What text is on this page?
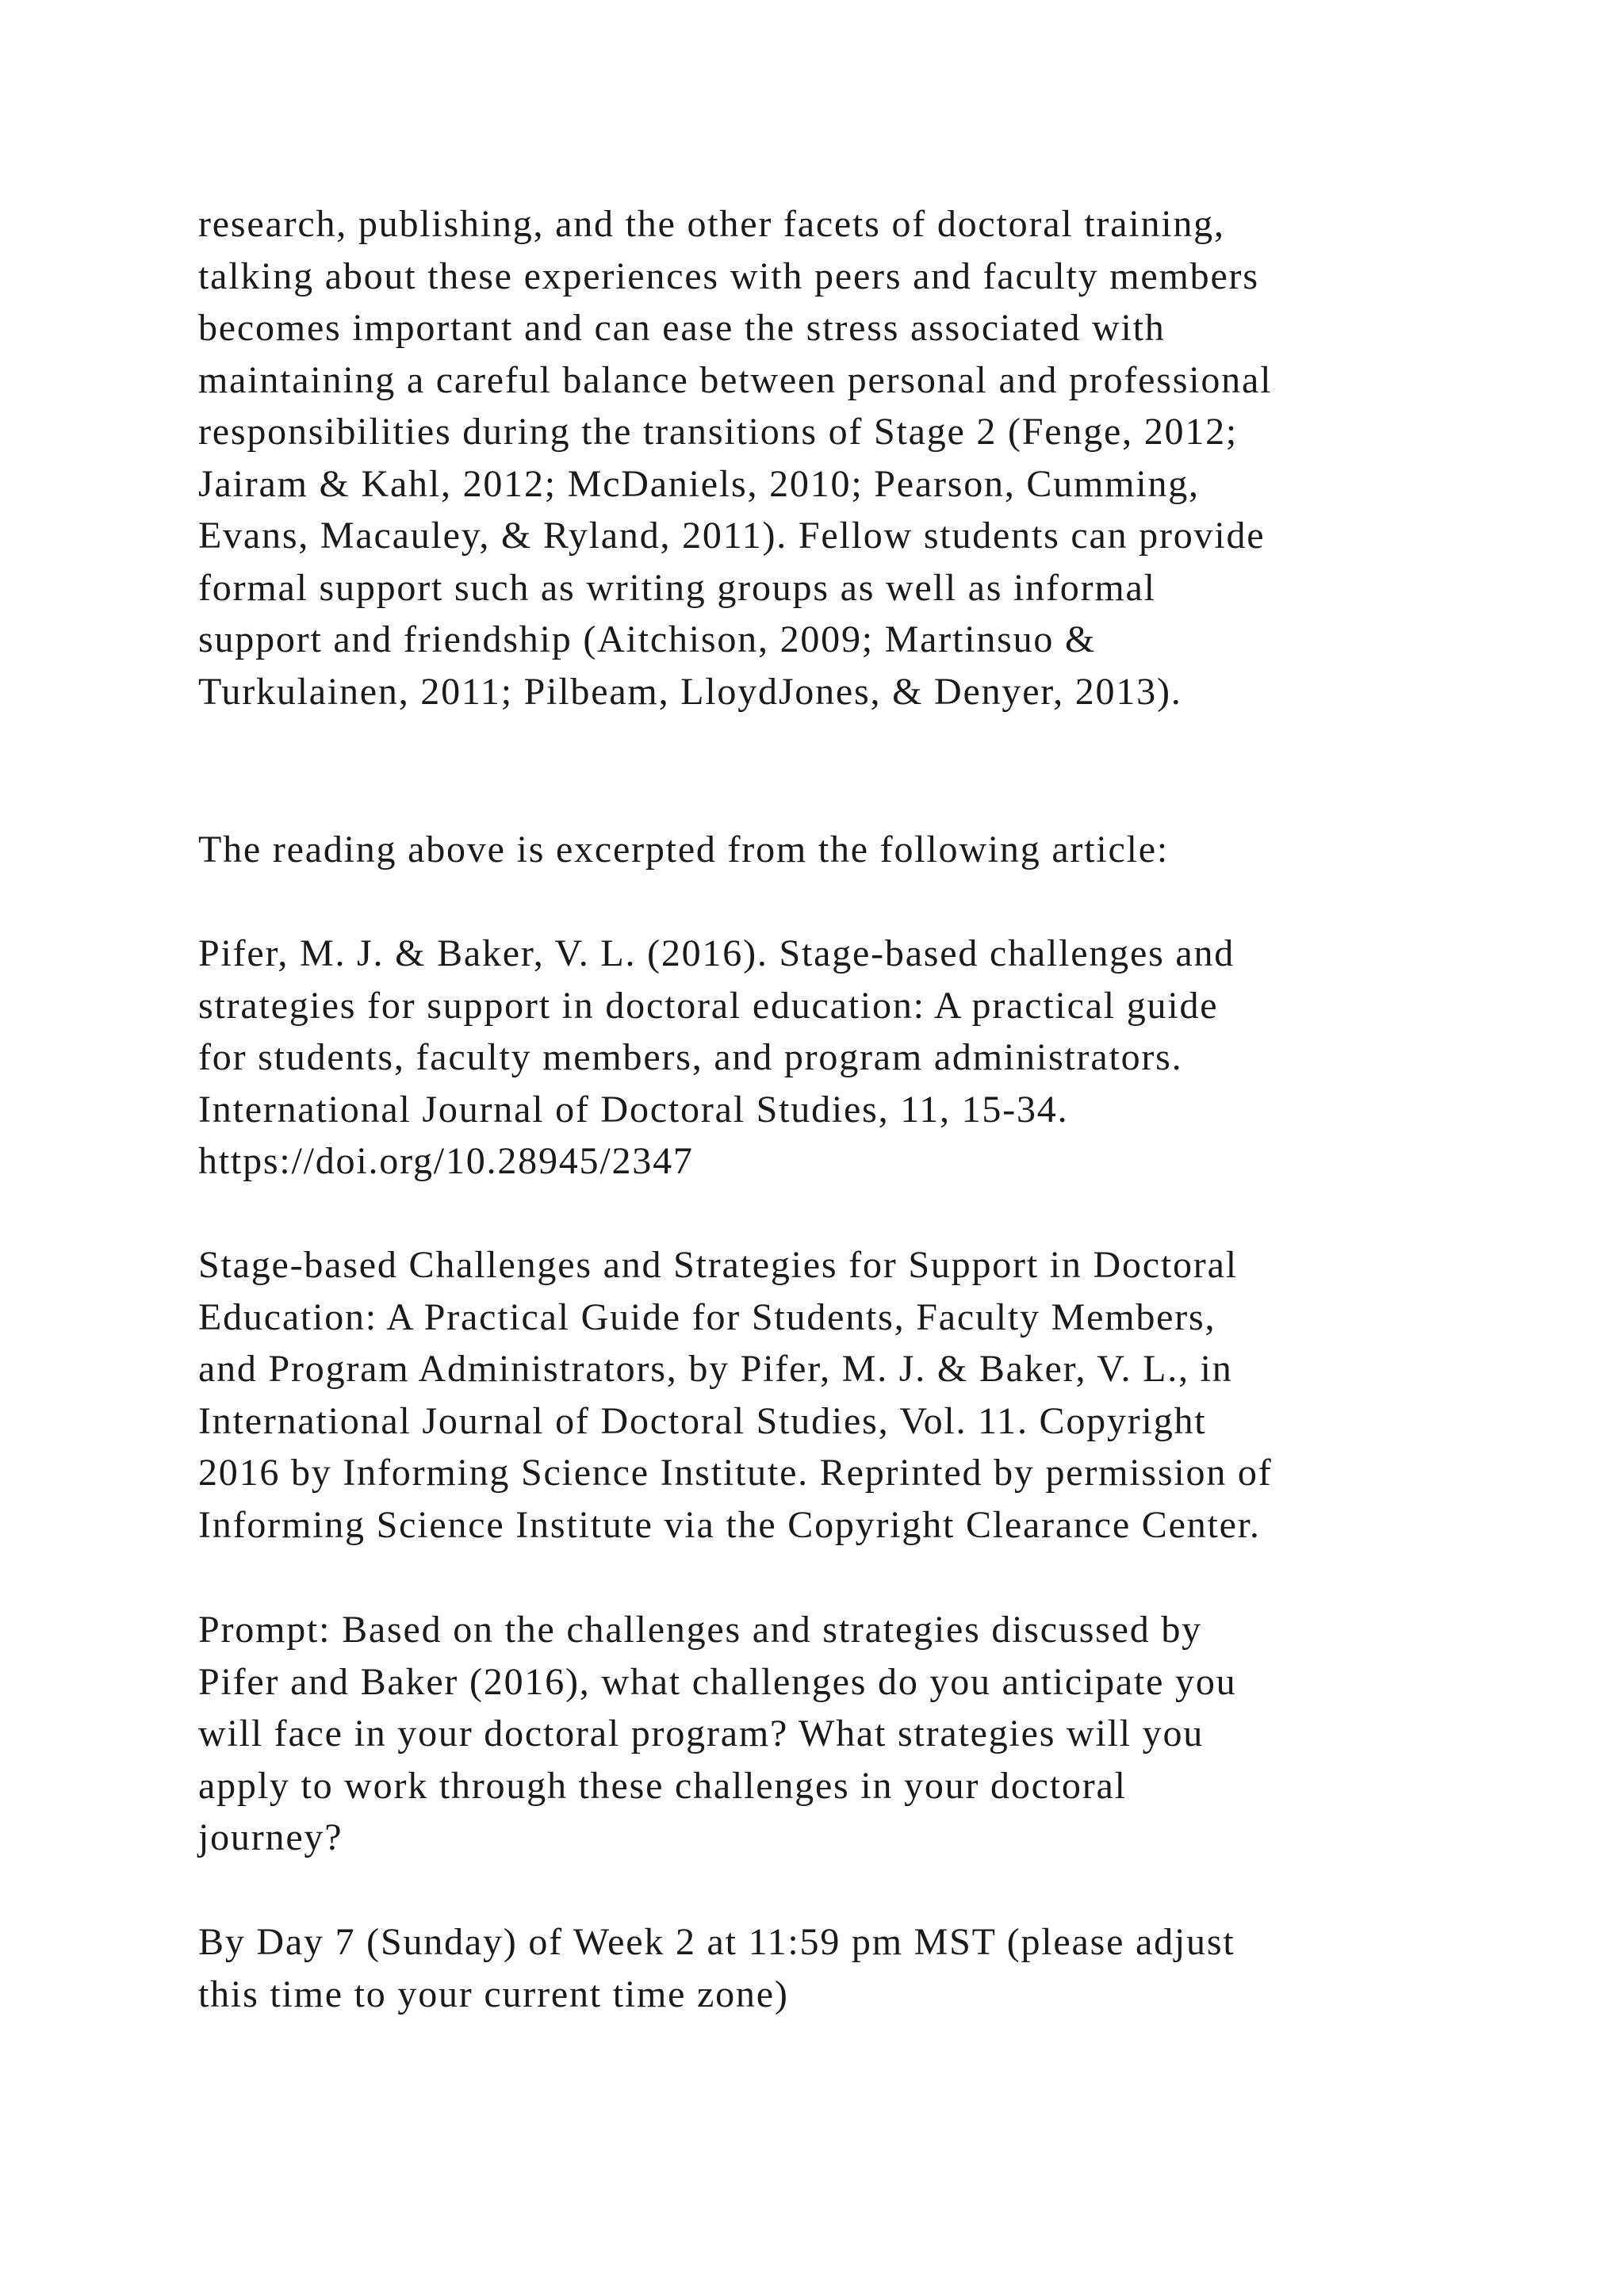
research, publishing, and the other facets of doctoral training,
talking about these experiences with peers and faculty members
becomes important and can ease the stress associated with
maintaining a careful balance between personal and professional
responsibilities during the transitions of Stage 2 (Fenge, 2012;
Jairam & Kahl, 2012; McDaniels, 2010; Pearson, Cumming,
Evans, Macauley, & Ryland, 2011). Fellow students can provide
formal support such as writing groups as well as informal
support and friendship (Aitchison, 2009; Martinsuo &
Turkulainen, 2011; Pilbeam, LloydJones, & Denyer, 2013).

The reading above is excerpted from the following article:

Pifer, M. J. & Baker, V. L. (2016). Stage-based challenges and
strategies for support in doctoral education: A practical guide
for students, faculty members, and program administrators.
International Journal of Doctoral Studies, 11, 15-34.
https://doi.org/10.28945/2347

Stage-based Challenges and Strategies for Support in Doctoral
Education: A Practical Guide for Students, Faculty Members,
and Program Administrators, by Pifer, M. J. & Baker, V. L., in
International Journal of Doctoral Studies, Vol. 11. Copyright
2016 by Informing Science Institute. Reprinted by permission of
Informing Science Institute via the Copyright Clearance Center.

Prompt: Based on the challenges and strategies discussed by
Pifer and Baker (2016), what challenges do you anticipate you
will face in your doctoral program? What strategies will you
apply to work through these challenges in your doctoral
journey?

By Day 7 (Sunday) of Week 2 at 11:59 pm MST (please adjust
this time to your current time zone)
